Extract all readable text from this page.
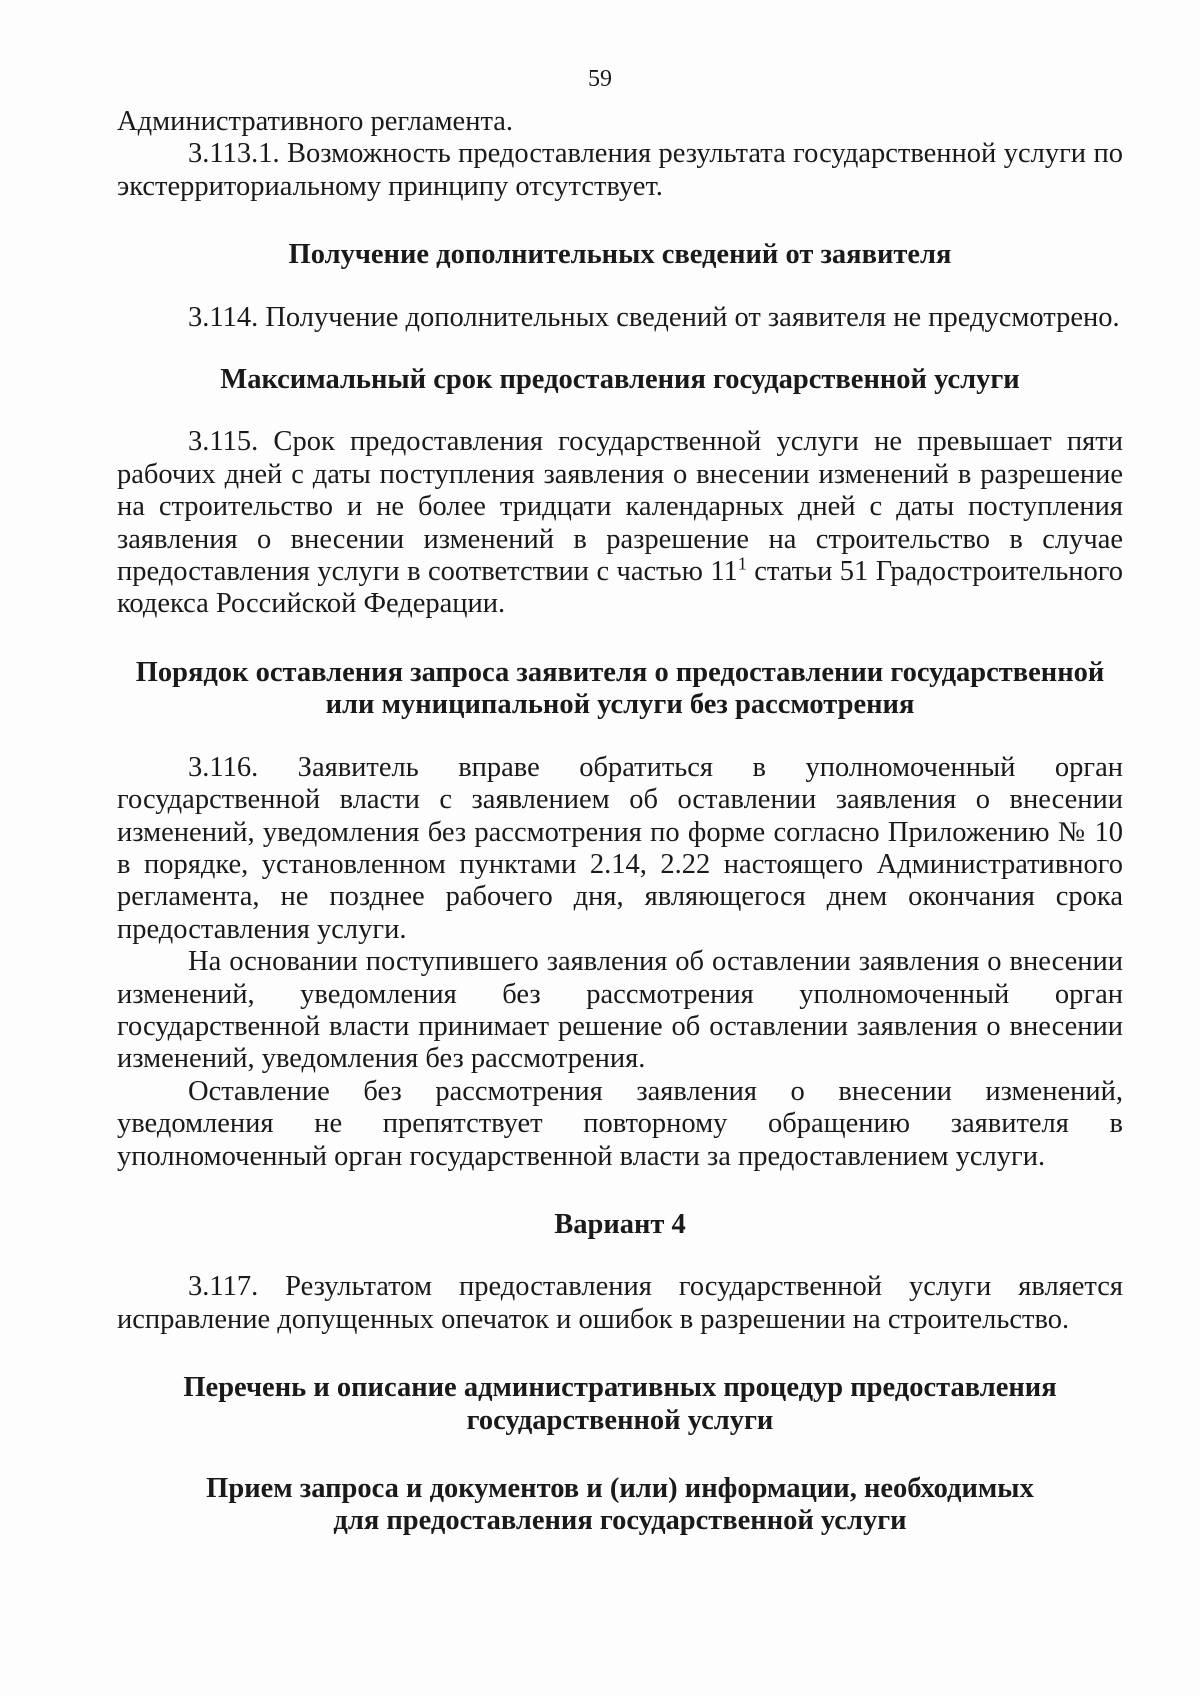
59

Административного регламента.

3.113.1. Возможность предоставления результата государственной услуги по экстерриториальному принципу отсутствует.

Получение дополнительных сведений от заявителя

3.114. Получение дополнительных сведений от заявителя не предусмотрено.

Максимальный срок предоставления государственной услуги

3.115. Срок предоставления государственной услуги не превышает пяти рабочих дней с даты поступления заявления о внесении изменений в разрешение на строительство и не более тридцати календарных дней с даты поступления заявления о внесении изменений в разрешение на строительство в случае предоставления услуги в соответствии с частью $11^1$ статьи 51 Градостроительного кодекса Российской Федерации.

Порядок оставления запроса заявителя о предоставлении государственной

или муниципальной услуги без рассмотрения

3.116. Заявитель вправе обратиться в уполномоченный орган государственной власти с заявлением об оставлении заявления о внесении изменений, уведомления без рассмотрения по форме согласно Приложению № 10 в порядке, установленном пунктами 2.14, 2.22 настоящего Административного регламента, не позднее рабочего дня, являющегося днем окончания срока предоставления услуги.

На основании поступившего заявления об оставлении заявления о внесении изменений, уведомления без рассмотрения уполномоченный орган государственной власти принимает решение об оставлении заявления о внесении изменений, уведомления без рассмотрения.

Оставление без рассмотрения заявления о внесении изменений, уведомления не препятствует повторному обращению заявителя в уполномоченный орган государственной власти за предоставлением услуги.

Вариант 4

3.117. Результатом предоставления государственной услуги является исправление допущенных опечаток и ошибок в разрешении на строительство.

Перечень и описание административных процедур предоставления

государственной услуги

Прием запроса и документов и (или) информации, необходимых

для предоставления государственной услуги
